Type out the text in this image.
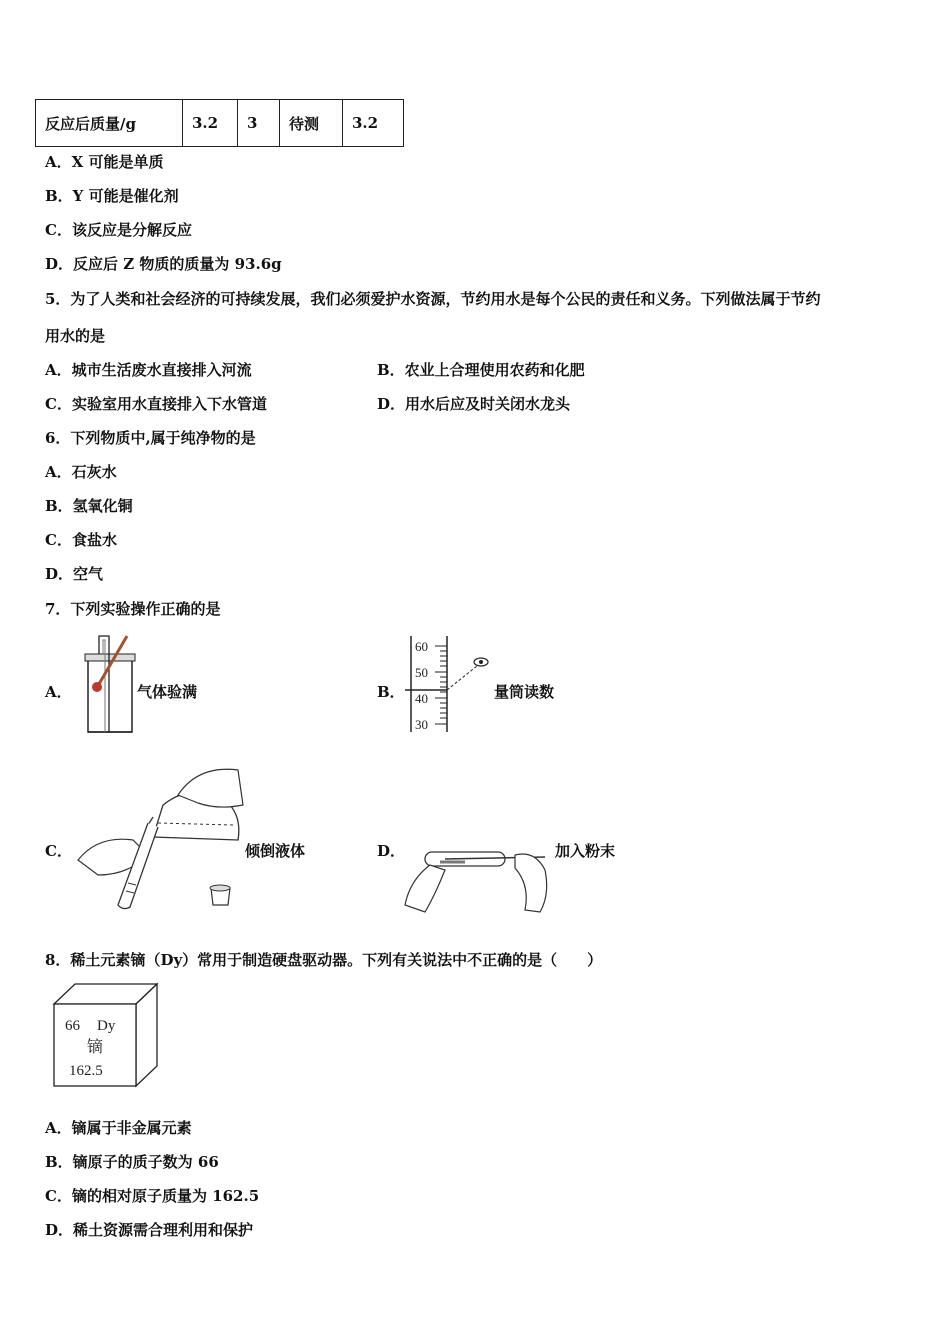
反应后质量/g	3.2	3	待测	3.2
A．X 可能是单质
B．Y 可能是催化剂
C．该反应是分解反应
D．反应后 Z 物质的质量为 93.6g
5．为了人类和社会经济的可持续发展，我们必须爱护水资源，节约用水是每个公民的责任和义务。下列做法属于节约
用水的是
A．城市生活废水直接排入河流	B．农业上合理使用农药和化肥
C．实验室用水直接排入下水管道	D．用水后应及时关闭水龙头
6．下列物质中,属于纯净物的是
A．石灰水
B．氢氧化铜
C．食盐水
D．空气
7．下列实验操作正确的是
A．	气体验满	B．
60
50
40
30
量筒读数
C．	倾倒液体	D．	加入粉末
8．稀土元素镝（Dy）常用于制造硬盘驱动器。下列有关说法中不正确的是（　　）
66 Dy
镝
162.5
A．镝属于非金属元素
B．镝原子的质子数为 66
C．镝的相对原子质量为 162.5
D．稀土资源需合理利用和保护
